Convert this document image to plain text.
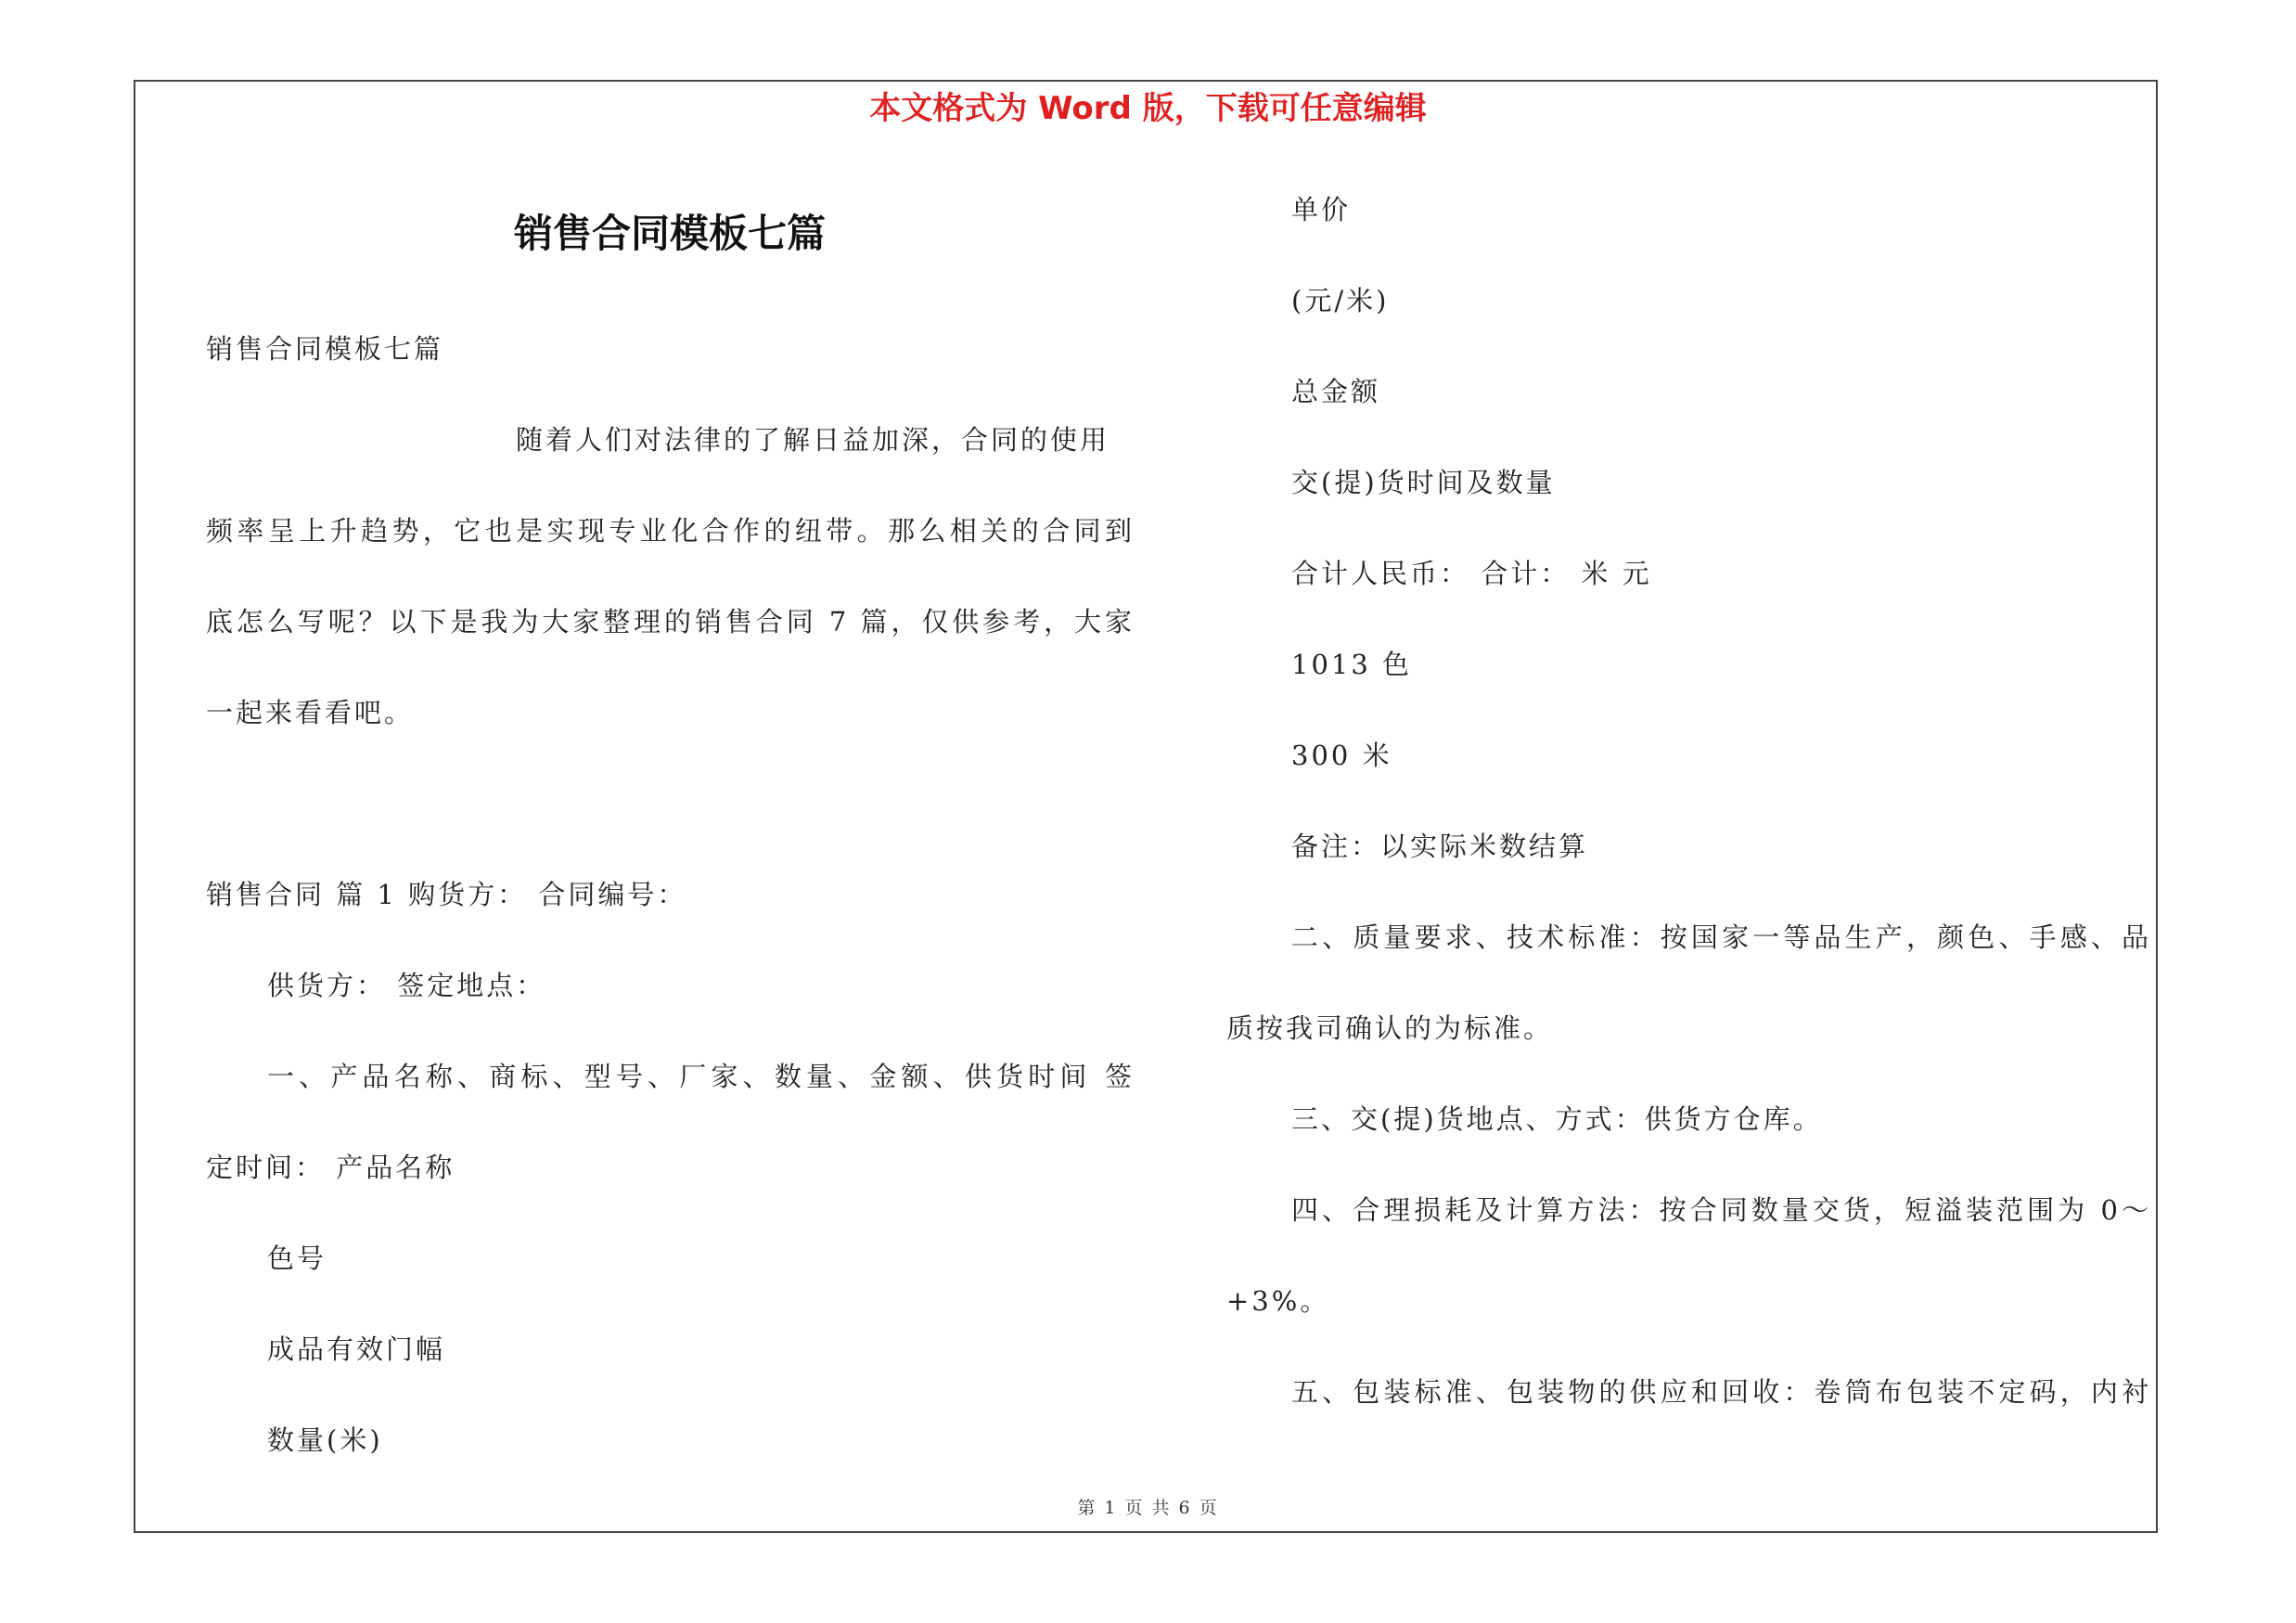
本文格式为 Word 版，下载可任意编辑
销售合同模板七篇
销售合同模板七篇
随着人们对法律的了解日益加深，合同的使用
频率呈上升趋势，它也是实现专业化合作的纽带。那么相关的合同到
底怎么写呢？以下是我为大家整理的销售合同 7 篇，仅供参考，大家
一起来看看吧。
销售合同 篇 1 购货方： 合同编号：
供货方： 签定地点：
一、产品名称、商标、型号、厂家、数量、金额、供货时间 签
定时间： 产品名称
色号
成品有效门幅
数量(米)
单价
(元/米)
总金额
交(提)货时间及数量
合计人民币： 合计： 米 元
1013 色
300 米
备注：以实际米数结算
二、质量要求、技术标准：按国家一等品生产，颜色、手感、品
质按我司确认的为标准。
三、交(提)货地点、方式：供货方仓库。
四、合理损耗及计算方法：按合同数量交货，短溢装范围为 0～
+3%。
五、包装标准、包装物的供应和回收：卷筒布包装不定码，内衬
第 1 页 共 6 页
